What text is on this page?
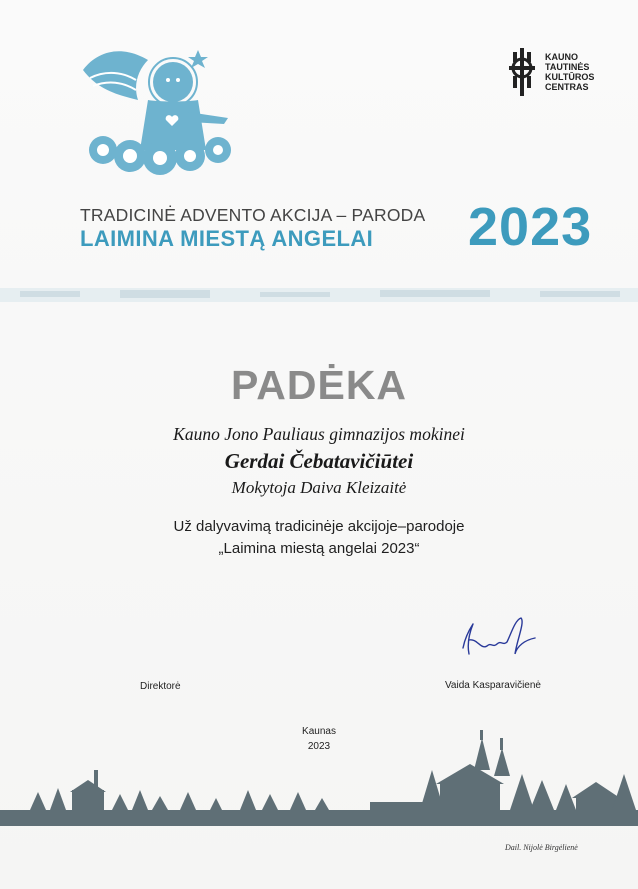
KAUNO
TAUTINĖS
KULTŪROS
CENTRAS
TRADICINĖ ADVENTO AKCIJA – PARODA
LAIMINA MIESTĄ ANGELAI 2023
PADĖKA
Kauno Jono Pauliaus gimnazijos mokinei
Gerdai Čebatavičiūtei
Mokytoja Daiva Kleizaitė
Už dalyvavimą tradicinėje akcijoje–parodoje
„Laimina miestą angelai 2023“
Direktorė	Vaida Kasparavičienė
Kaunas
2023
Dail. Nijolė Birgėlienė
